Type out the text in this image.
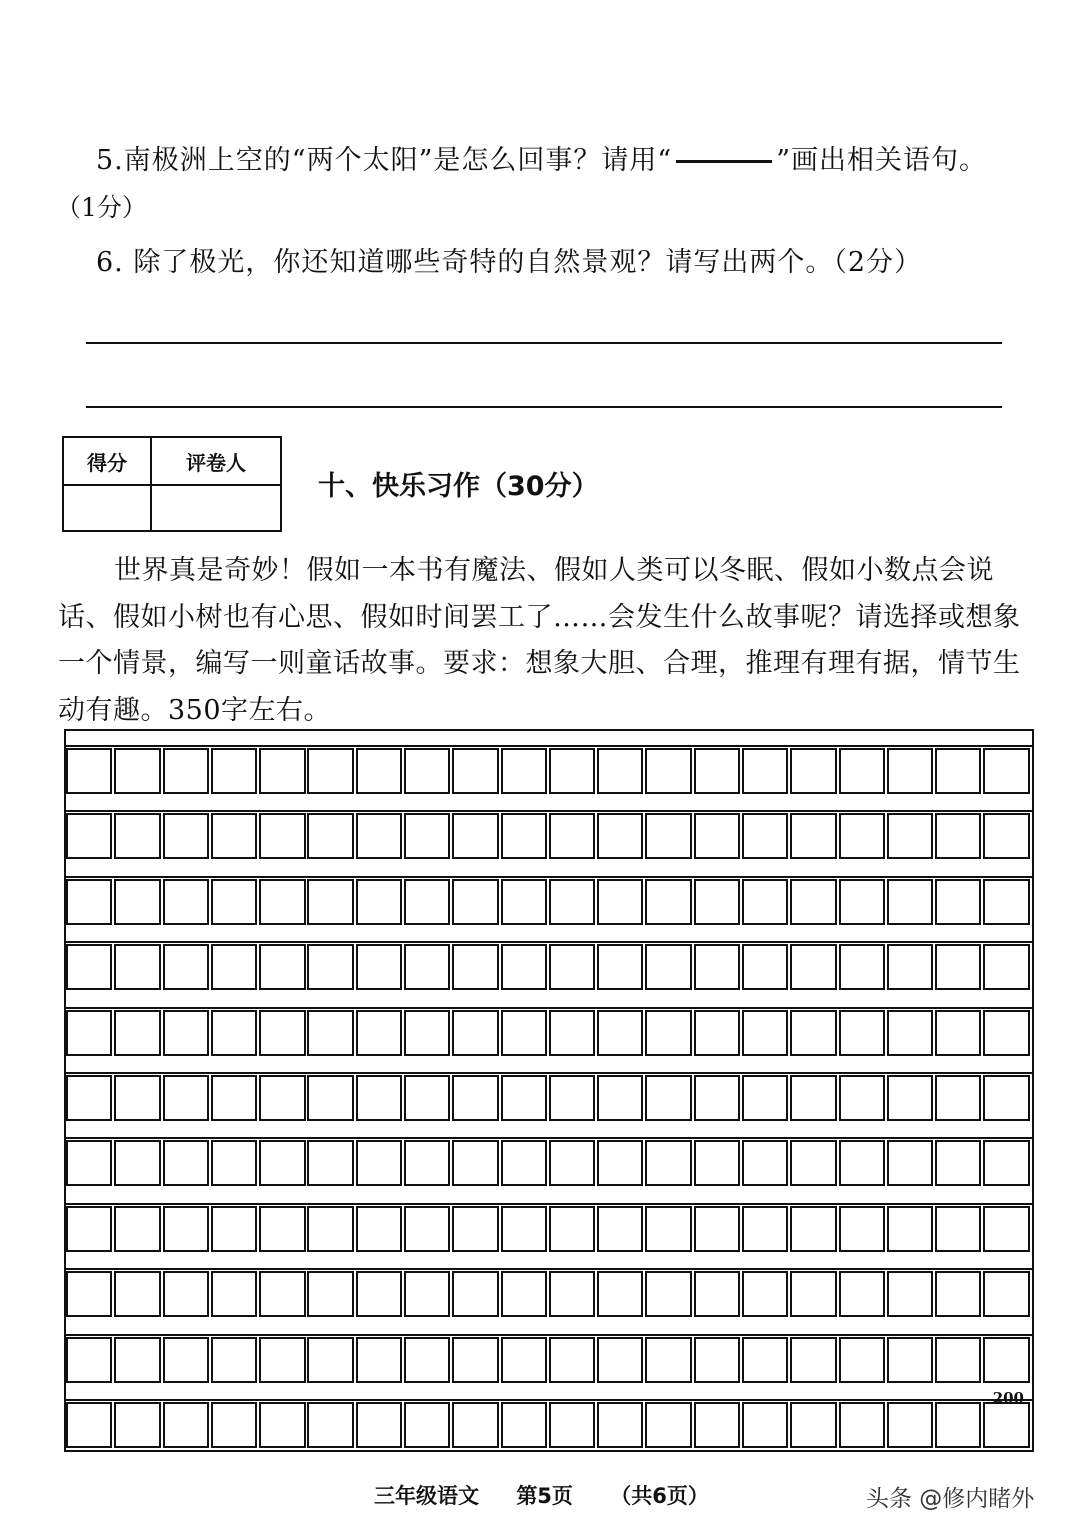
5.南极洲上空的“两个太阳”是怎么回事？请用“	”画出相关语句。
（1分）
6. 除了极光，你还知道哪些奇特的自然景观？请写出两个。（2分）
得分	评卷人

十、快乐习作（30分）
世界真是奇妙！假如一本书有魔法、假如人类可以冬眠、假如小数点会说话、假如小树也有心思、假如时间罢工了……会发生什么故事呢？请选择或想象一个情景，编写一则童话故事。要求：想象大胆、合理，推理有理有据，情节生动有趣。350字左右。
200
三年级语文 第5页 （共6页）	头条 @修内睹外
